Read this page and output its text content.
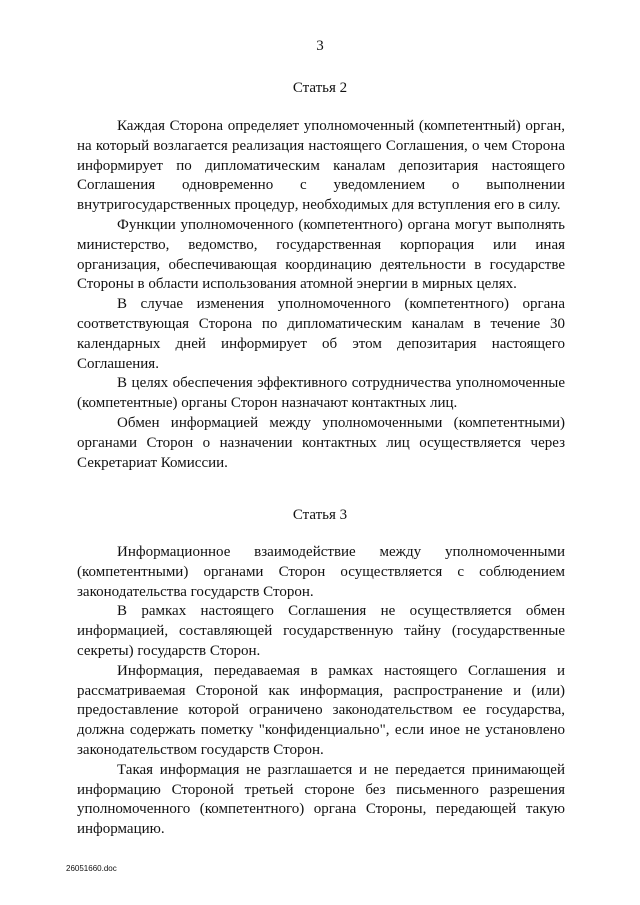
3
Статья 2

Каждая Сторона определяет уполномоченный (компетентный) орган, на который возлагается реализация настоящего Соглашения, о чем Сторона информирует по дипломатическим каналам депозитария настоящего Соглашения одновременно с уведомлением о выполнении внутригосударственных процедур, необходимых для вступления его в силу.

Функции уполномоченного (компетентного) органа могут выполнять министерство, ведомство, государственная корпорация или иная организация, обеспечивающая координацию деятельности в государстве Стороны в области использования атомной энергии в мирных целях.

В случае изменения уполномоченного (компетентного) органа соответствующая Сторона по дипломатическим каналам в течение 30 календарных дней информирует об этом депозитария настоящего Соглашения.

В целях обеспечения эффективного сотрудничества уполномоченные (компетентные) органы Сторон назначают контактных лиц.

Обмен информацией между уполномоченными (компетентными) органами Сторон о назначении контактных лиц осуществляется через Секретариат Комиссии.

Статья 3

Информационное взаимодействие между уполномоченными (компетентными) органами Сторон осуществляется с соблюдением законодательства государств Сторон.

В рамках настоящего Соглашения не осуществляется обмен информацией, составляющей государственную тайну (государственные секреты) государств Сторон.

Информация, передаваемая в рамках настоящего Соглашения и рассматриваемая Стороной как информация, распространение и (или) предоставление которой ограничено законодательством ее государства, должна содержать пометку "конфиденциально", если иное не установлено законодательством государств Сторон.

Такая информация не разглашается и не передается принимающей информацию Стороной третьей стороне без письменного разрешения уполномоченного (компетентного) органа Стороны, передающей такую информацию.

26051660.doc
